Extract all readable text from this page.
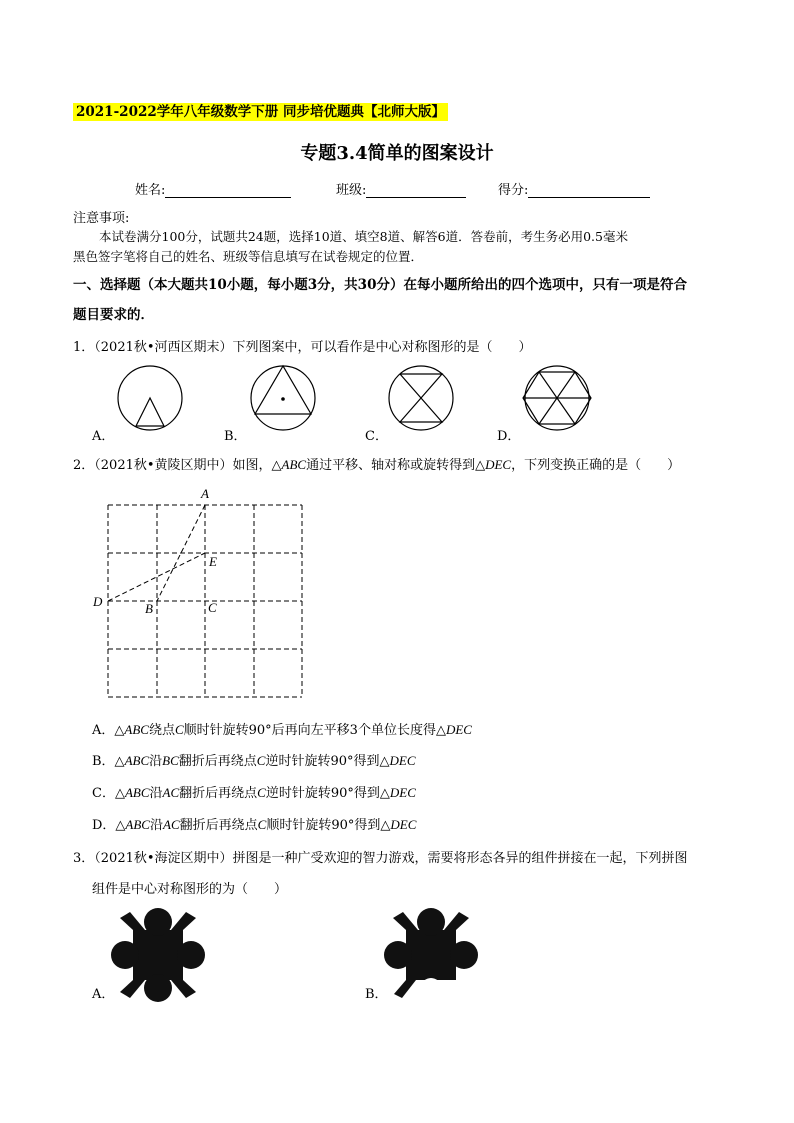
2021-2022学年八年级数学下册 同步培优题典【北师大版】
专题3.4简单的图案设计
姓名:	班级:	得分:
注意事项:
本试卷满分100分，试题共24题，选择10道、填空8道、解答6道．答卷前，考生务必用0.5毫米
黑色签字笔将自己的姓名、班级等信息填写在试卷规定的位置．
一、选择题（本大题共10小题，每小题3分，共30分）在每小题所给出的四个选项中，只有一项是符合
题目要求的．
1．（2021秋•河西区期末）下列图案中，可以看作是中心对称图形的是（　　）
A．	B．	C．	D．
2．（2021秋•黄陵区期中）如图，△ABC通过平移、轴对称或旋转得到△DEC，下列变换正确的是（　　）
A
E
D	B	C
A．△ABC绕点C顺时针旋转90°后再向左平移3个单位长度得△DEC
B．△ABC沿BC翻折后再绕点C逆时针旋转90°得到△DEC
C．△ABC沿AC翻折后再绕点C逆时针旋转90°得到△DEC
D．△ABC沿AC翻折后再绕点C顺时针旋转90°得到△DEC
3．（2021秋•海淀区期中）拼图是一种广受欢迎的智力游戏，需要将形态各异的组件拼接在一起，下列拼图
组件是中心对称图形的为（　　）
A．	B．
